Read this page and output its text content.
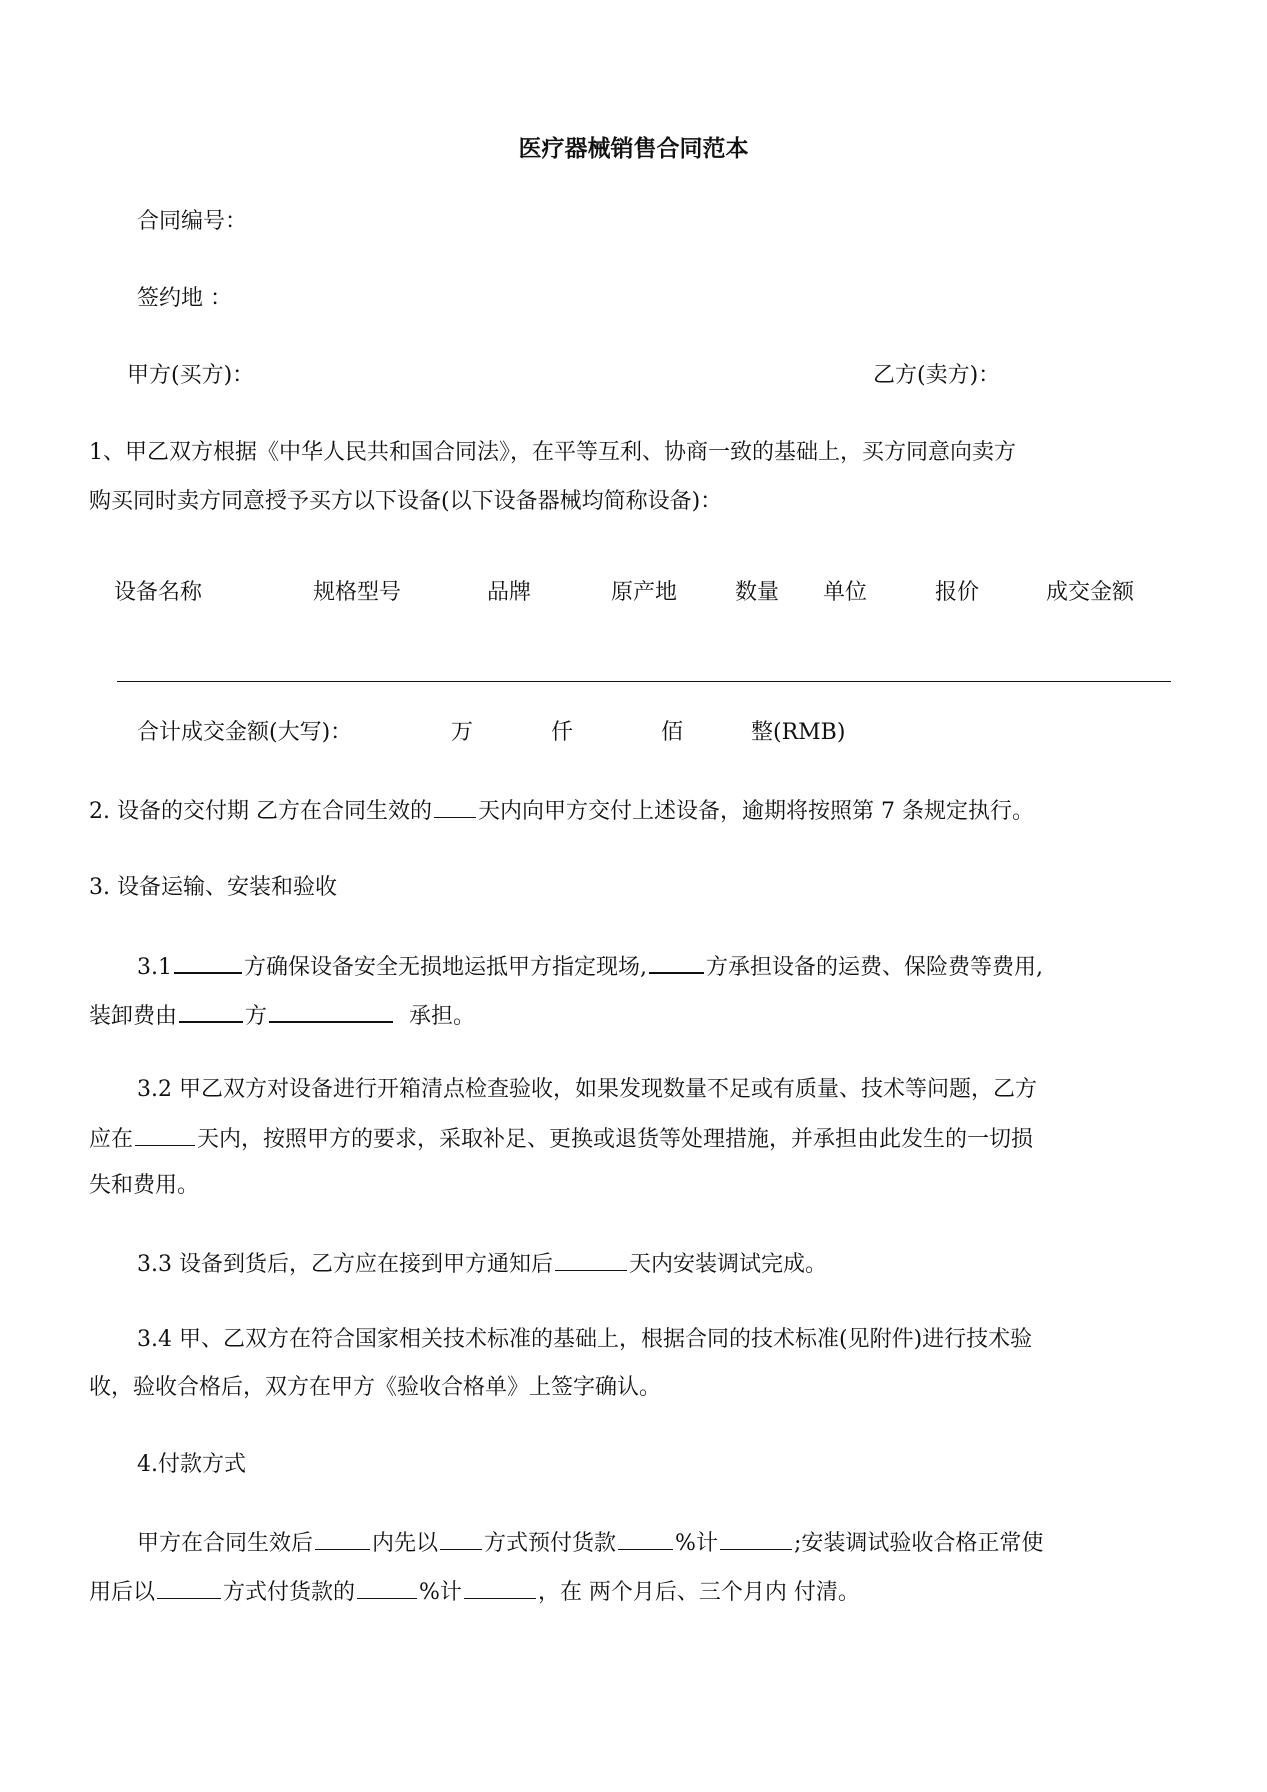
医疗器械销售合同范本
合同编号：
签约地 ：
甲方(买方)：	乙方(卖方)：
1、甲乙双方根据《中华人民共和国合同法》，在平等互利、协商一致的基础上，买方同意向卖方
购买同时卖方同意授予买方以下设备(以下设备器械均简称设备)：
设备名称	规格型号	品牌	原产地	数量 单位	报价	成交金额
合计成交金额(大写)：	万	仟	佰	整(RMB)
2. 设备的交付期 乙方在合同生效的 天内向甲方交付上述设备，逾期将按照第 7 条规定执行。
3. 设备运输、安装和验收
3.1	方确保设备安全无损地运抵甲方指定现场,	方承担设备的运费、保险费等费用,
装卸费由	方	承担。
3.2 甲乙双方对设备进行开箱清点检查验收，如果发现数量不足或有质量、技术等问题，乙方
应在	天内，按照甲方的要求，采取补足、更换或退货等处理措施，并承担由此发生的一切损
失和费用。
3.3 设备到货后，乙方应在接到甲方通知后	天内安装调试完成。
3.4 甲、乙双方在符合国家相关技术标准的基础上，根据合同的技术标准(见附件)进行技术验
收，验收合格后，双方在甲方《验收合格单》上签字确认。
4.付款方式
甲方在合同生效后	内先以 方式预付货款	%计	;安装调试验收合格正常使
用后以	方式付货款的	%计	，在 两个月后、三个月内 付清。
